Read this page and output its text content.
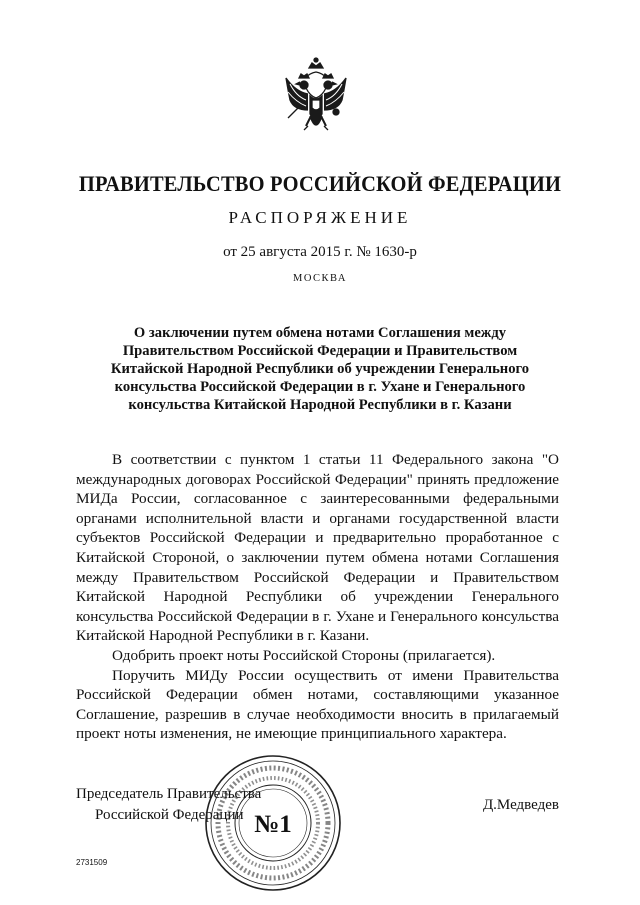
ПРАВИТЕЛЬСТВО РОССИЙСКОЙ ФЕДЕРАЦИИ
РАСПОРЯЖЕНИЕ
от 25 августа 2015 г. № 1630-р
МОСКВА
О заключении путем обмена нотами Соглашения между
Правительством Российской Федерации и Правительством
Китайской Народной Республики об учреждении Генерального
консульства Российской Федерации в г. Ухане и Генерального
консульства Китайской Народной Республики в г. Казани

В соответствии с пунктом 1 статьи 11 Федерального закона "О международных договорах Российской Федерации" принять предложение МИДа России, согласованное с заинтересованными федеральными органами исполнительной власти и органами государственной власти субъектов Российской Федерации и предварительно проработанное с Китайской Стороной, о заключении путем обмена нотами Соглашения между Правительством Российской Федерации и Правительством Китайской Народной Республики об учреждении Генерального консульства Российской Федерации в г. Ухане и Генерального консульства Китайской Народной Республики в г. Казани.

Одобрить проект ноты Российской Стороны (прилагается).

Поручить МИДу России осуществить от имени Правительства Российской Федерации обмен нотами, составляющими указанное Соглашение, разрешив в случае необходимости вносить в прилагаемый проект ноты изменения, не имеющие принципиального характера.

Председатель Правительства
Российской Федерации №1
Д.Медведев
2731509
